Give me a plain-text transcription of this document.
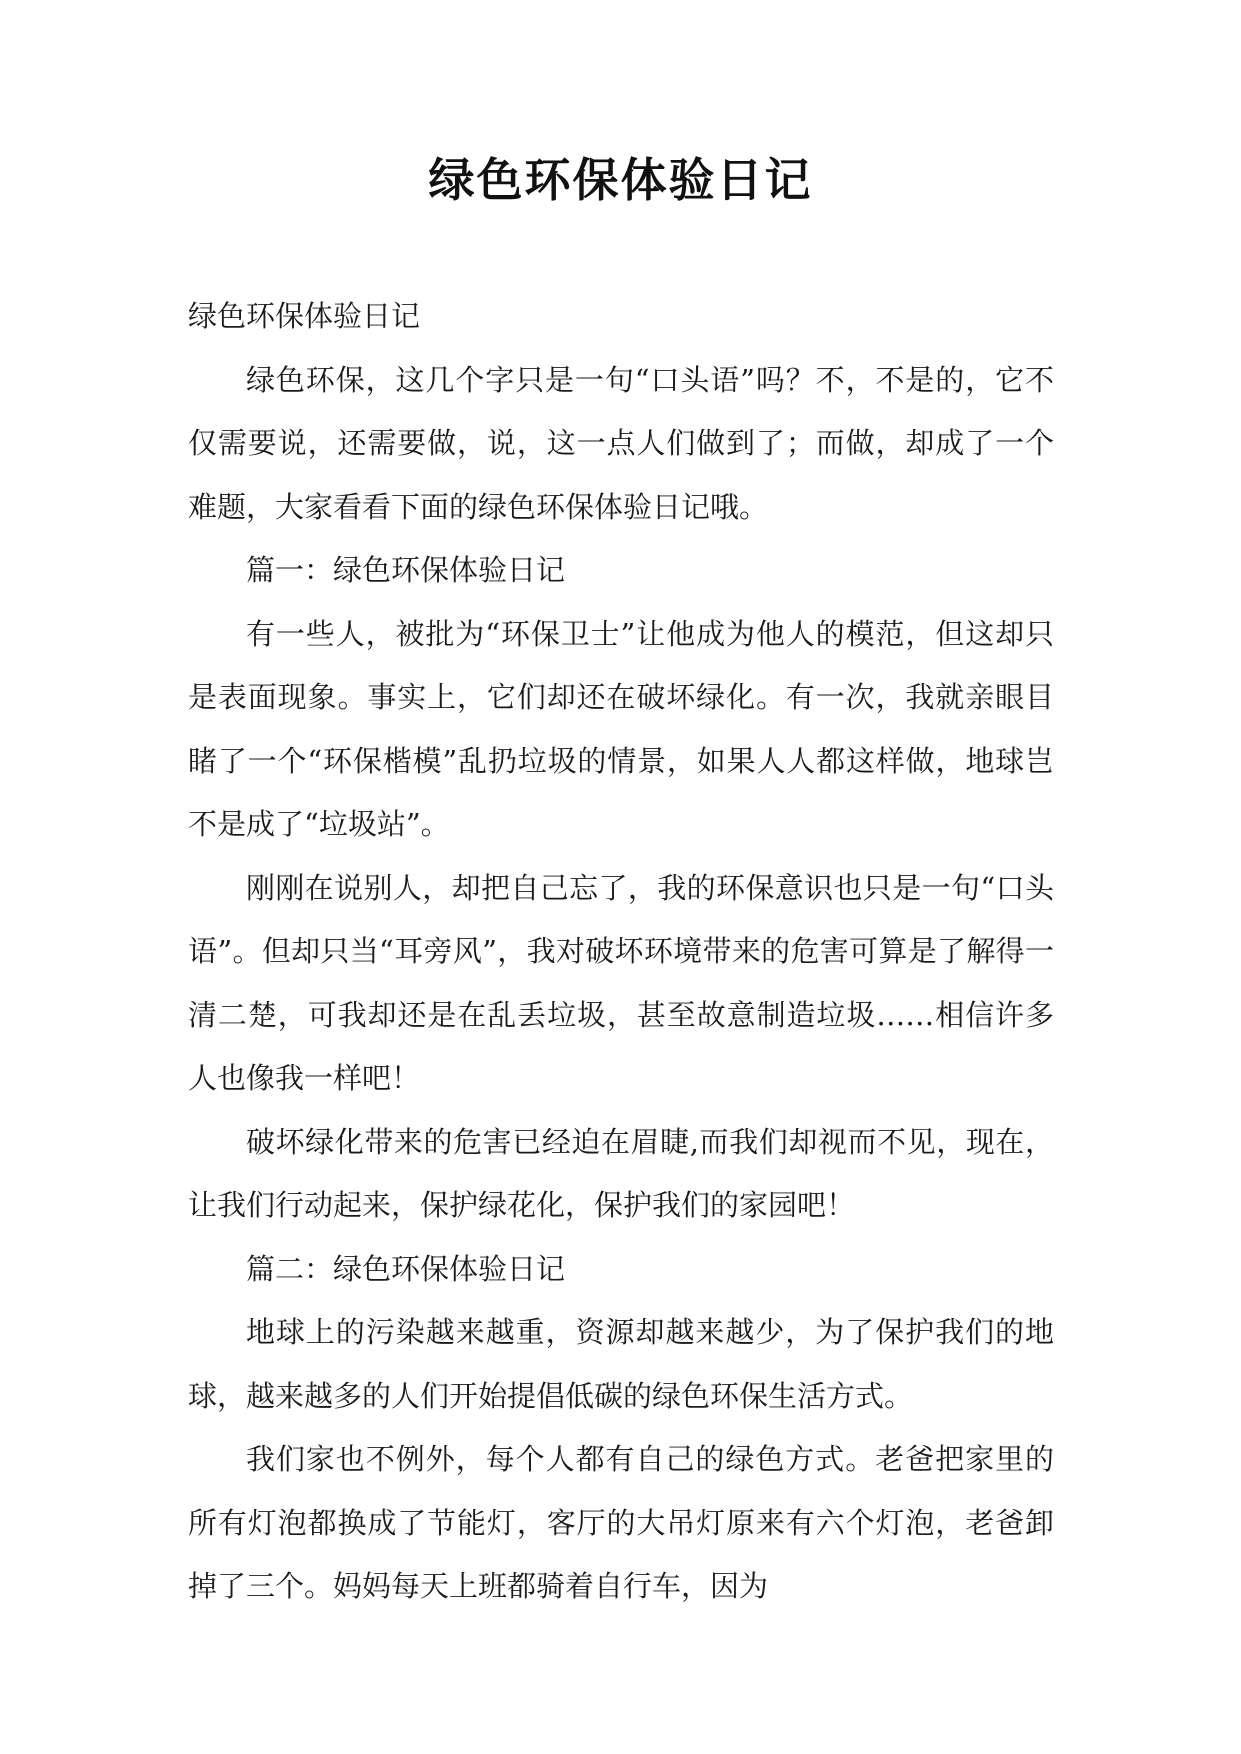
绿色环保体验日记

绿色环保体验日记

绿色环保，这几个字只是一句“口头语”吗？不，不是的，它不仅需要说，还需要做，说，这一点人们做到了；而做，却成了一个难题，大家看看下面的绿色环保体验日记哦。

篇一：绿色环保体验日记

有一些人，被批为“环保卫士”让他成为他人的模范，但这却只是表面现象。事实上，它们却还在破坏绿化。有一次，我就亲眼目睹了一个“环保楷模”乱扔垃圾的情景，如果人人都这样做，地球岂不是成了“垃圾站”。

刚刚在说别人，却把自己忘了，我的环保意识也只是一句“口头语”。但却只当“耳旁风”，我对破坏环境带来的危害可算是了解得一清二楚，可我却还是在乱丢垃圾，甚至故意制造垃圾……相信许多人也像我一样吧！

破坏绿化带来的危害已经迫在眉睫,而我们却视而不见，现在，让我们行动起来，保护绿花化，保护我们的家园吧！

篇二：绿色环保体验日记

地球上的污染越来越重，资源却越来越少，为了保护我们的地球，越来越多的人们开始提倡低碳的绿色环保生活方式。

我们家也不例外，每个人都有自己的绿色方式。老爸把家里的所有灯泡都换成了节能灯，客厅的大吊灯原来有六个灯泡，老爸卸掉了三个。妈妈每天上班都骑着自行车，因为
